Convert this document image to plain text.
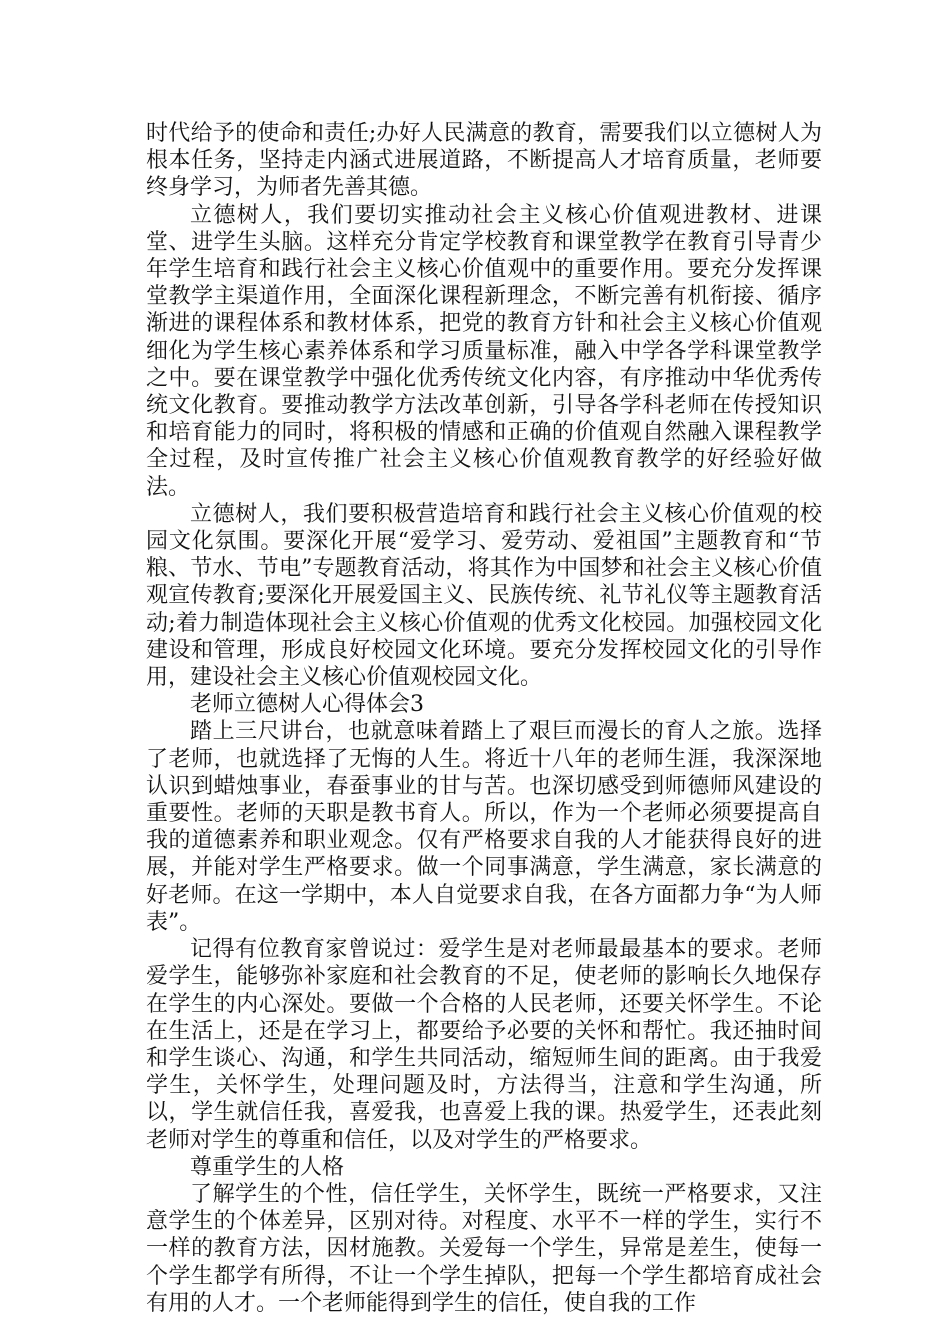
时代给予的使命和责任;办好人民满意的教育，需要我们以立德树人为根本任务，坚持走内涵式进展道路，不断提高人才培育质量，老师要终身学习，为师者先善其德。

立德树人，我们要切实推动社会主义核心价值观进教材、进课堂、进学生头脑。这样充分肯定学校教育和课堂教学在教育引导青少年学生培育和践行社会主义核心价值观中的重要作用。要充分发挥课堂教学主渠道作用，全面深化课程新理念，不断完善有机衔接、循序渐进的课程体系和教材体系，把党的教育方针和社会主义核心价值观细化为学生核心素养体系和学习质量标准，融入中学各学科课堂教学之中。要在课堂教学中强化优秀传统文化内容，有序推动中华优秀传统文化教育。要推动教学方法改革创新，引导各学科老师在传授知识和培育能力的同时，将积极的情感和正确的价值观自然融入课程教学全过程，及时宣传推广社会主义核心价值观教育教学的好经验好做法。

立德树人，我们要积极营造培育和践行社会主义核心价值观的校园文化氛围。要深化开展“爱学习、爱劳动、爱祖国”主题教育和“节粮、节水、节电”专题教育活动，将其作为中国梦和社会主义核心价值观宣传教育;要深化开展爱国主义、民族传统、礼节礼仪等主题教育活动;着力制造体现社会主义核心价值观的优秀文化校园。加强校园文化建设和管理，形成良好校园文化环境。要充分发挥校园文化的引导作用，建设社会主义核心价值观校园文化。

老师立德树人心得体会3

踏上三尺讲台，也就意味着踏上了艰巨而漫长的育人之旅。选择了老师，也就选择了无悔的人生。将近十八年的老师生涯，我深深地认识到蜡烛事业，春蚕事业的甘与苦。也深切感受到师德师风建设的重要性。老师的天职是教书育人。所以，作为一个老师必须要提高自我的道德素养和职业观念。仅有严格要求自我的人才能获得良好的进展，并能对学生严格要求。做一个同事满意，学生满意，家长满意的好老师。在这一学期中，本人自觉要求自我，在各方面都力争“为人师表”。

记得有位教育家曾说过：爱学生是对老师最最基本的要求。老师爱学生，能够弥补家庭和社会教育的不足，使老师的影响长久地保存在学生的内心深处。要做一个合格的人民老师，还要关怀学生。不论在生活上，还是在学习上，都要给予必要的关怀和帮忙。我还抽时间和学生谈心、沟通，和学生共同活动，缩短师生间的距离。由于我爱学生，关怀学生，处理问题及时，方法得当，注意和学生沟通，所以，学生就信任我，喜爱我，也喜爱上我的课。热爱学生，还表此刻老师对学生的尊重和信任，以及对学生的严格要求。

尊重学生的人格

了解学生的个性，信任学生，关怀学生，既统一严格要求，又注意学生的个体差异，区别对待。对程度、水平不一样的学生，实行不一样的教育方法，因材施教。关爱每一个学生，异常是差生，使每一个学生都学有所得，不让一个学生掉队，把每一个学生都培育成社会有用的人才。一个老师能得到学生的信任，使自我的工作
